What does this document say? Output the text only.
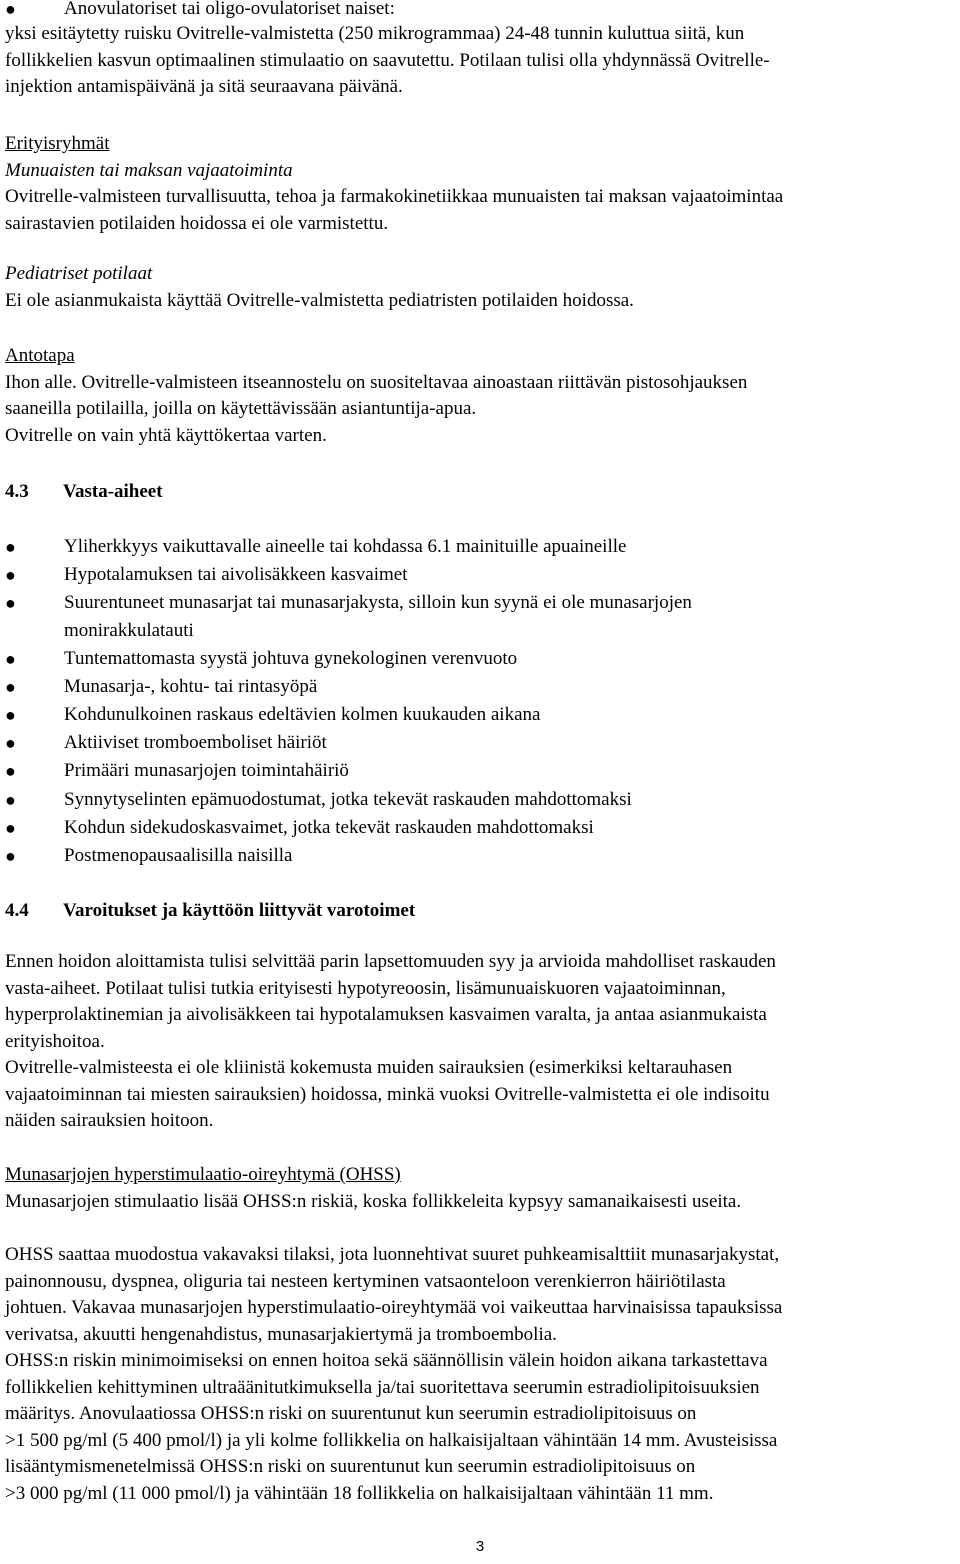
●	Anovulatoriset tai oligo-ovulatoriset naiset:
yksi esitäytetty ruisku Ovitrelle-valmistetta (250 mikrogrammaa) 24-48 tunnin kuluttua siitä, kun
follikkelien kasvun optimaalinen stimulaatio on saavutettu. Potilaan tulisi olla yhdynnässä Ovitrelle-
injektion antamispäivänä ja sitä seuraavana päivänä.
Erityisryhmät
Munuaisten tai maksan vajaatoiminta
Ovitrelle-valmisteen turvallisuutta, tehoa ja farmakokinetiikkaa munuaisten tai maksan vajaatoimintaa
sairastavien potilaiden hoidossa ei ole varmistettu.
Pediatriset potilaat
Ei ole asianmukaista käyttää Ovitrelle-valmistetta pediatristen potilaiden hoidossa.
Antotapa
Ihon alle. Ovitrelle-valmisteen itseannostelu on suositeltavaa ainoastaan riittävän pistosohjauksen
saaneilla potilailla, joilla on käytettävissään asiantuntija-apua.
Ovitrelle on vain yhtä käyttökertaa varten.
4.3 Vasta-aiheet
●	Yliherkkyys vaikuttavalle aineelle tai kohdassa 6.1 mainituille apuaineille
●	Hypotalamuksen tai aivolisäkkeen kasvaimet
●	Suurentuneet munasarjat tai munasarjakysta, silloin kun syynä ei ole munasarjojen
monirakkulatauti
●	Tuntemattomasta syystä johtuva gynekologinen verenvuoto
●	Munasarja-, kohtu- tai rintasyöpä
●	Kohdunulkoinen raskaus edeltävien kolmen kuukauden aikana
●	Aktiiviset tromboemboliset häiriöt
●	Primääri munasarjojen toimintahäiriö
●	Synnytyselinten epämuodostumat, jotka tekevät raskauden mahdottomaksi
●	Kohdun sidekudoskasvaimet, jotka tekevät raskauden mahdottomaksi
●	Postmenopausaalisilla naisilla
4.4 Varoitukset ja käyttöön liittyvät varotoimet
Ennen hoidon aloittamista tulisi selvittää parin lapsettomuuden syy ja arvioida mahdolliset raskauden
vasta-aiheet. Potilaat tulisi tutkia erityisesti hypotyreoosin, lisämunuaiskuoren vajaatoiminnan,
hyperprolaktinemian ja aivolisäkkeen tai hypotalamuksen kasvaimen varalta, ja antaa asianmukaista
erityishoitoa.
Ovitrelle-valmisteesta ei ole kliinistä kokemusta muiden sairauksien (esimerkiksi keltarauhasen
vajaatoiminnan tai miesten sairauksien) hoidossa, minkä vuoksi Ovitrelle-valmistetta ei ole indisoitu
näiden sairauksien hoitoon.
Munasarjojen hyperstimulaatio-oireyhtymä (OHSS)
Munasarjojen stimulaatio lisää OHSS:n riskiä, koska follikkeleita kypsyy samanaikaisesti useita.
OHSS saattaa muodostua vakavaksi tilaksi, jota luonnehtivat suuret puhkeamisalttiit munasarjakystat,
painonnousu, dyspnea, oliguria tai nesteen kertyminen vatsaonteloon verenkierron häiriötilasta
johtuen. Vakavaa munasarjojen hyperstimulaatio-oireyhtymää voi vaikeuttaa harvinaisissa tapauksissa
verivatsa, akuutti hengenahdistus, munasarjakiertymä ja tromboembolia.
OHSS:n riskin minimoimiseksi on ennen hoitoa sekä säännöllisin välein hoidon aikana tarkastettava
follikkelien kehittyminen ultraäänitutkimuksella ja/tai suoritettava seerumin estradiolipitoisuuksien
määritys. Anovulaatiossa OHSS:n riski on suurentunut kun seerumin estradiolipitoisuus on
>1 500 pg/ml (5 400 pmol/l) ja yli kolme follikkelia on halkaisijaltaan vähintään 14 mm. Avusteisissa
lisääntymismenetelmissä OHSS:n riski on suurentunut kun seerumin estradiolipitoisuus on
>3 000 pg/ml (11 000 pmol/l) ja vähintään 18 follikkelia on halkaisijaltaan vähintään 11 mm.
3
